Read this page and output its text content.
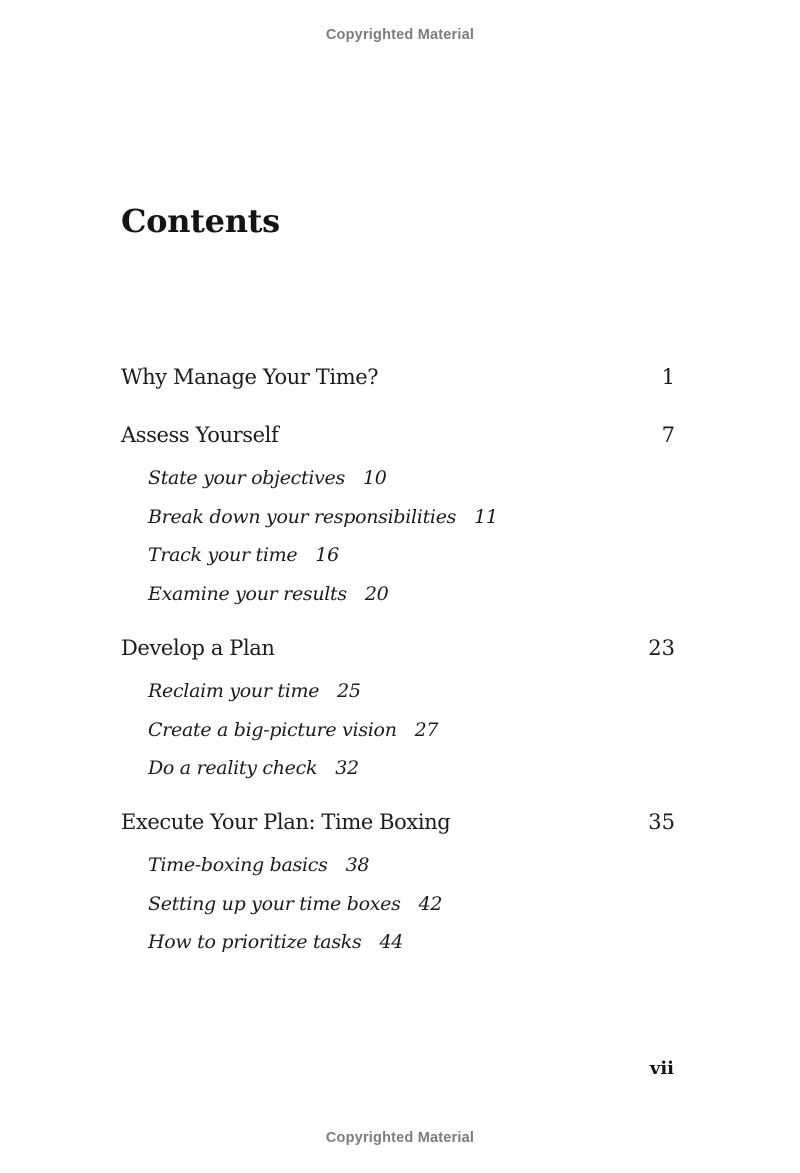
Copyrighted Material
Contents
Why Manage Your Time?	1
Assess Yourself	7
State your objectives 10
Break down your responsibilities 11
Track your time 16
Examine your results 20
Develop a Plan	23
Reclaim your time 25
Create a big-picture vision 27
Do a reality check 32
Execute Your Plan: Time Boxing	35
Time-boxing basics 38
Setting up your time boxes 42
How to prioritize tasks 44
vii
Copyrighted Material
